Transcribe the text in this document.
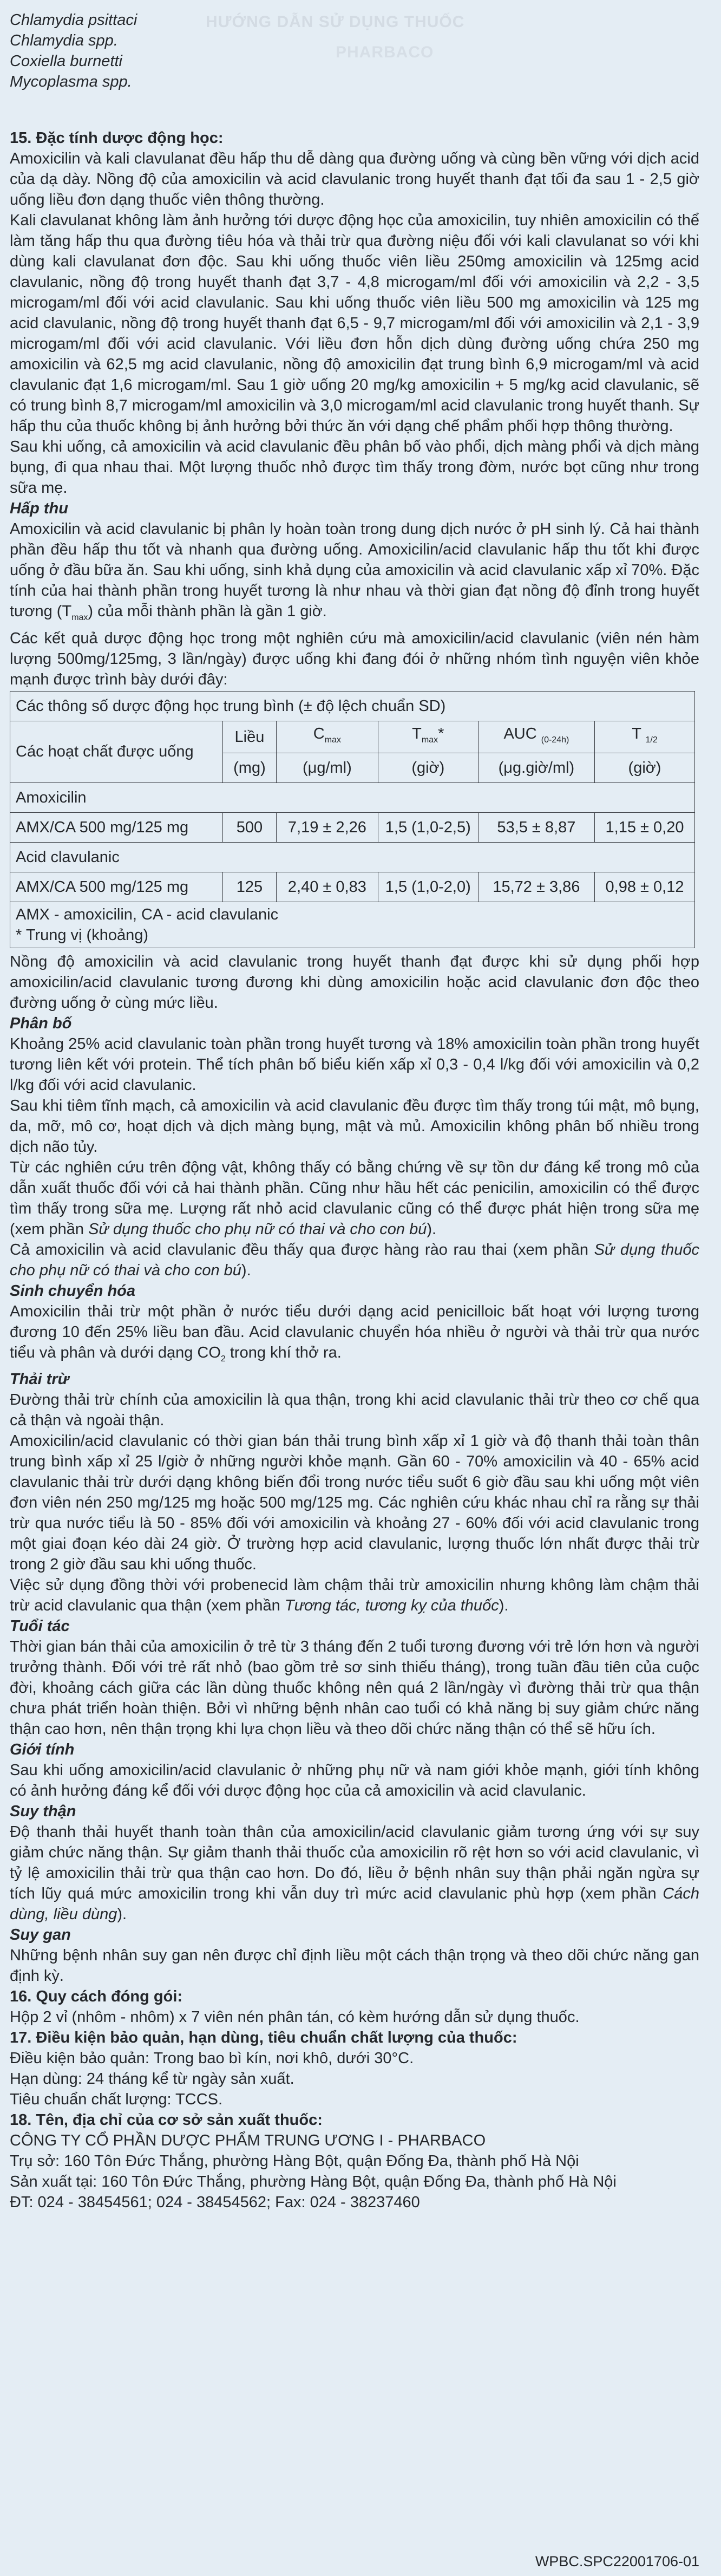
HƯỚNG DẪN SỬ DỤNG THUỐC

Chlamydia psittaci

Chlamydia spp.

Coxiella burnetti

Mycoplasma spp.

PHARBACO

15. Đặc tính dược động học:

Amoxicilin và kali clavulanat đều hấp thu dễ dàng qua đường uống và cùng bền vững với dịch acid của dạ dày. Nồng độ của amoxicilin và acid clavulanic trong huyết thanh đạt tối đa sau 1 - 2,5 giờ uống liều đơn dạng thuốc viên thông thường.

Kali clavulanat không làm ảnh hưởng tới dược động học của amoxicilin, tuy nhiên amoxicilin có thể làm tăng hấp thu qua đường tiêu hóa và thải trừ qua đường niệu đối với kali clavulanat so với khi dùng kali clavulanat đơn độc. Sau khi uống thuốc viên liều 250mg amoxicilin và 125mg acid clavulanic, nồng độ trong huyết thanh đạt 3,7 - 4,8 microgam/ml đối với amoxicilin và 2,2 - 3,5 microgam/ml đối với acid clavulanic. Sau khi uống thuốc viên liều 500 mg amoxicilin và 125 mg acid clavulanic, nồng độ trong huyết thanh đạt 6,5 - 9,7 microgam/ml đối với amoxicilin và 2,1 - 3,9 microgam/ml đối với acid clavulanic. Với liều đơn hỗn dịch dùng đường uống chứa 250 mg amoxicilin và 62,5 mg acid clavulanic, nồng độ amoxicilin đạt trung bình 6,9 microgam/ml và acid clavulanic đạt 1,6 microgam/ml. Sau 1 giờ uống 20 mg/kg amoxicilin + 5 mg/kg acid clavulanic, sẽ có trung bình 8,7 microgam/ml amoxicilin và 3,0 microgam/ml acid clavulanic trong huyết thanh. Sự hấp thu của thuốc không bị ảnh hưởng bởi thức ăn với dạng chế phẩm phối hợp thông thường.

Sau khi uống, cả amoxicilin và acid clavulanic đều phân bố vào phổi, dịch màng phổi và dịch màng bụng, đi qua nhau thai. Một lượng thuốc nhỏ được tìm thấy trong đờm, nước bọt cũng như trong sữa mẹ.

Hấp thu

Amoxicilin và acid clavulanic bị phân ly hoàn toàn trong dung dịch nước ở pH sinh lý. Cả hai thành phần đều hấp thu tốt và nhanh qua đường uống. Amoxicilin/acid clavulanic hấp thu tốt khi được uống ở đầu bữa ăn. Sau khi uống, sinh khả dụng của amoxicilin và acid clavulanic xấp xỉ 70%. Đặc tính của hai thành phần trong huyết tương là như nhau và thời gian đạt nồng độ đỉnh trong huyết tương $(T_{max})$ của mỗi thành phần là gần 1 giờ.

Các kết quả dược động học trong một nghiên cứu mà amoxicilin/acid clavulanic (viên nén hàm lượng 500mg/125mg, 3 lần/ngày) được uống khi đang đói ở những nhóm tình nguyện viên khỏe mạnh được trình bày dưới đây:

Các thông số dược động học trung bình (± độ lệch chuẩn SD)					
Các hoạt chất được uống	Liều	$C_{max}$	$T_{max}*$	AUC $_{(0-24h)}$	T $_{1/2}$
	(mg)	(μg/ml)	(giờ)	(μg.giờ/ml)	(giờ)
Amoxicilin					
AMX/CA 500 mg/125 mg	500	7,19 ± 2,26	1,5 (1,0-2,5)	53,5 ± 8,87	1,15 ± 0,20
Acid clavulanic					
AMX/CA 500 mg/125 mg	125	2,40 ± 0,83	1,5 (1,0-2,0)	15,72 ± 3,86	0,98 ± 0,12

AMX - amoxicilin, CA - acid clavulanic
* Trung vị (khoảng)					

Nồng độ amoxicilin và acid clavulanic trong huyết thanh đạt được khi sử dụng phối hợp amoxicilin/acid clavulanic tương đương khi dùng amoxicilin hoặc acid clavulanic đơn độc theo đường uống ở cùng mức liều.

Phân bố

Khoảng 25% acid clavulanic toàn phần trong huyết tương và 18% amoxicilin toàn phần trong huyết tương liên kết với protein. Thể tích phân bố biểu kiến xấp xỉ 0,3 - 0,4 l/kg đối với amoxicilin và 0,2 l/kg đối với acid clavulanic.

Sau khi tiêm tĩnh mạch, cả amoxicilin và acid clavulanic đều được tìm thấy trong túi mật, mô bụng, da, mỡ, mô cơ, hoạt dịch và dịch màng bụng, mật và mủ. Amoxicilin không phân bố nhiều trong dịch não tủy.

Từ các nghiên cứu trên động vật, không thấy có bằng chứng về sự tồn dư đáng kể trong mô của dẫn xuất thuốc đối với cả hai thành phần. Cũng như hầu hết các penicilin, amoxicilin có thể được tìm thấy trong sữa mẹ. Lượng rất nhỏ acid clavulanic cũng có thể được phát hiện trong sữa mẹ (xem phần Sử dụng thuốc cho phụ nữ có thai và cho con bú).

Cả amoxicilin và acid clavulanic đều thấy qua được hàng rào rau thai (xem phần Sử dụng thuốc cho phụ nữ có thai và cho con bú).

Sinh chuyển hóa

Amoxicilin thải trừ một phần ở nước tiểu dưới dạng acid penicilloic bất hoạt với lượng tương đương 10 đến 25% liều ban đầu. Acid clavulanic chuyển hóa nhiều ở người và thải trừ qua nước tiểu và phân và dưới dạng $CO_2$ trong khí thở ra.

Thải trừ

Đường thải trừ chính của amoxicilin là qua thận, trong khi acid clavulanic thải trừ theo cơ chế qua cả thận và ngoài thận.

Amoxicilin/acid clavulanic có thời gian bán thải trung bình xấp xỉ 1 giờ và độ thanh thải toàn thân trung bình xấp xỉ 25 l/giờ ở những người khỏe mạnh. Gần 60 - 70% amoxicilin và 40 - 65% acid clavulanic thải trừ dưới dạng không biến đổi trong nước tiểu suốt 6 giờ đầu sau khi uống một viên đơn viên nén 250 mg/125 mg hoặc 500 mg/125 mg. Các nghiên cứu khác nhau chỉ ra rằng sự thải trừ qua nước tiểu là 50 - 85% đối với amoxicilin và khoảng 27 - 60% đối với acid clavulanic trong một giai đoạn kéo dài 24 giờ. Ở trường hợp acid clavulanic, lượng thuốc lớn nhất được thải trừ trong 2 giờ đầu sau khi uống thuốc.

Việc sử dụng đồng thời với probenecid làm chậm thải trừ amoxicilin nhưng không làm chậm thải trừ acid clavulanic qua thận (xem phần Tương tác, tương kỵ của thuốc).

Tuổi tác

Thời gian bán thải của amoxicilin ở trẻ từ 3 tháng đến 2 tuổi tương đương với trẻ lớn hơn và người trưởng thành. Đối với trẻ rất nhỏ (bao gồm trẻ sơ sinh thiếu tháng), trong tuần đầu tiên của cuộc đời, khoảng cách giữa các lần dùng thuốc không nên quá 2 lần/ngày vì đường thải trừ qua thận chưa phát triển hoàn thiện. Bởi vì những bệnh nhân cao tuổi có khả năng bị suy giảm chức năng thận cao hơn, nên thận trọng khi lựa chọn liều và theo dõi chức năng thận có thể sẽ hữu ích.

Giới tính

Sau khi uống amoxicilin/acid clavulanic ở những phụ nữ và nam giới khỏe mạnh, giới tính không có ảnh hưởng đáng kể đối với dược động học của cả amoxicilin và acid clavulanic.

Suy thận

Độ thanh thải huyết thanh toàn thân của amoxicilin/acid clavulanic giảm tương ứng với sự suy giảm chức năng thận. Sự giảm thanh thải thuốc của amoxicilin rõ rệt hơn so với acid clavulanic, vì tỷ lệ amoxicilin thải trừ qua thận cao hơn. Do đó, liều ở bệnh nhân suy thận phải ngăn ngừa sự tích lũy quá mức amoxicilin trong khi vẫn duy trì mức acid clavulanic phù hợp (xem phần Cách dùng, liều dùng).

Suy gan

Những bệnh nhân suy gan nên được chỉ định liều một cách thận trọng và theo dõi chức năng gan định kỳ.

16. Quy cách đóng gói:

Hộp 2 vỉ (nhôm - nhôm) x 7 viên nén phân tán, có kèm hướng dẫn sử dụng thuốc.

17. Điều kiện bảo quản, hạn dùng, tiêu chuẩn chất lượng của thuốc:

Điều kiện bảo quản: Trong bao bì kín, nơi khô, dưới 30°C.

Hạn dùng: 24 tháng kể từ ngày sản xuất.

Tiêu chuẩn chất lượng: TCCS.

18. Tên, địa chỉ của cơ sở sản xuất thuốc:

CÔNG TY CỔ PHẦN DƯỢC PHẨM TRUNG ƯƠNG I - PHARBACO

Trụ sở: 160 Tôn Đức Thắng, phường Hàng Bột, quận Đống Đa, thành phố Hà Nội

Sản xuất tại: 160 Tôn Đức Thắng, phường Hàng Bột, quận Đống Đa, thành phố Hà Nội

ĐT: 024 - 38454561; 024 - 38454562; Fax: 024 - 38237460

WPBC.SPC22001706-01
